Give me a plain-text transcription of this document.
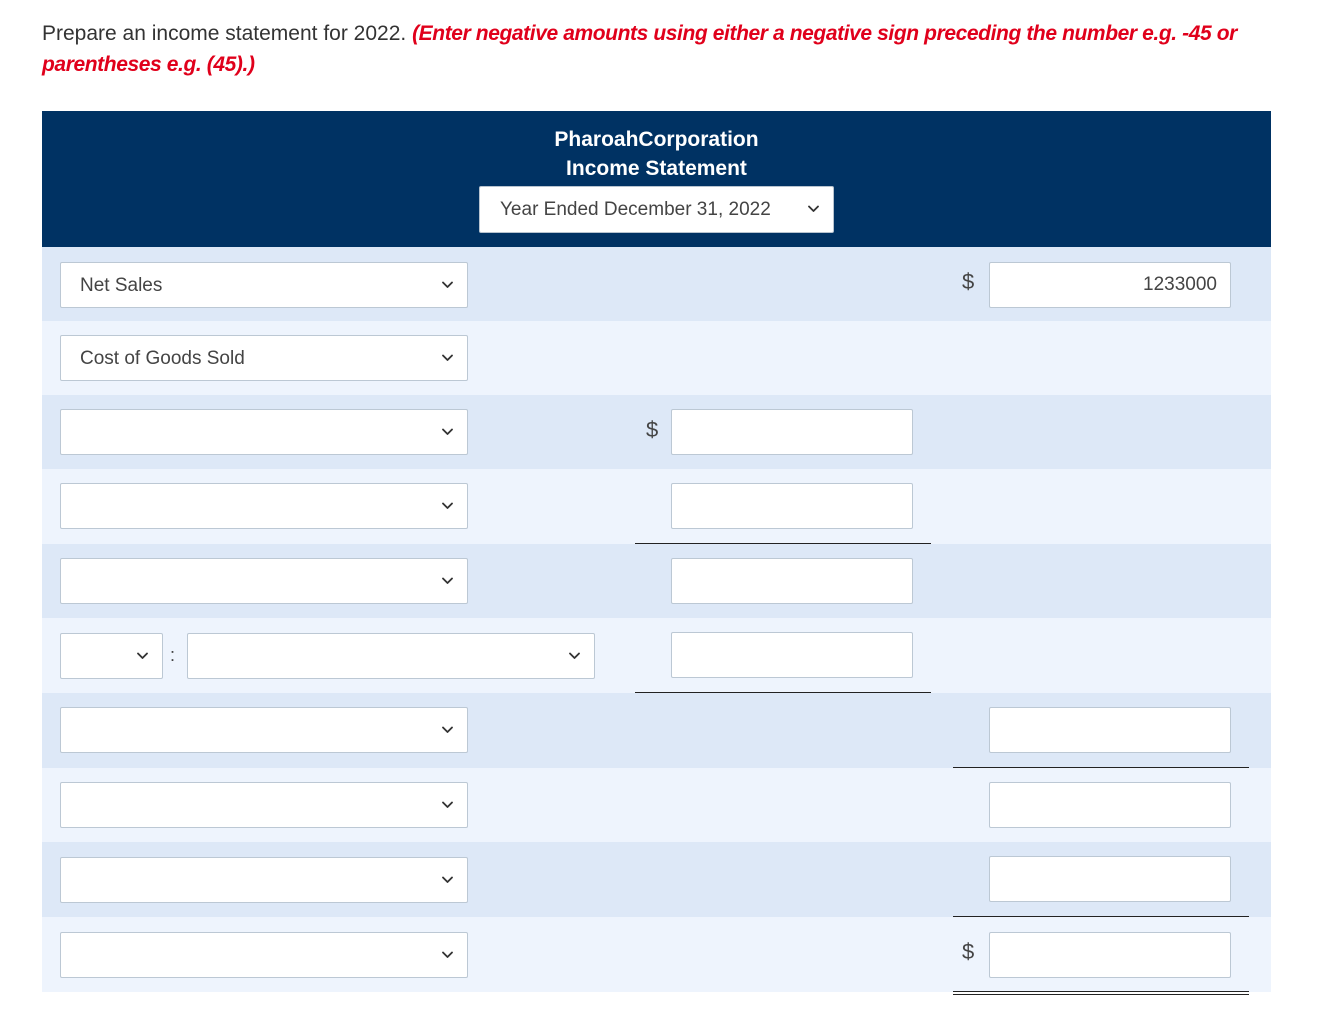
Prepare an income statement for 2022. (Enter negative amounts using either a negative sign preceding the number e.g. -45 or
parentheses e.g. (45).)
PharoahCorporation
Income Statement
Year Ended December 31, 2022
Net Sales	$
1233000
Cost of Goods Sold
$
:
$
